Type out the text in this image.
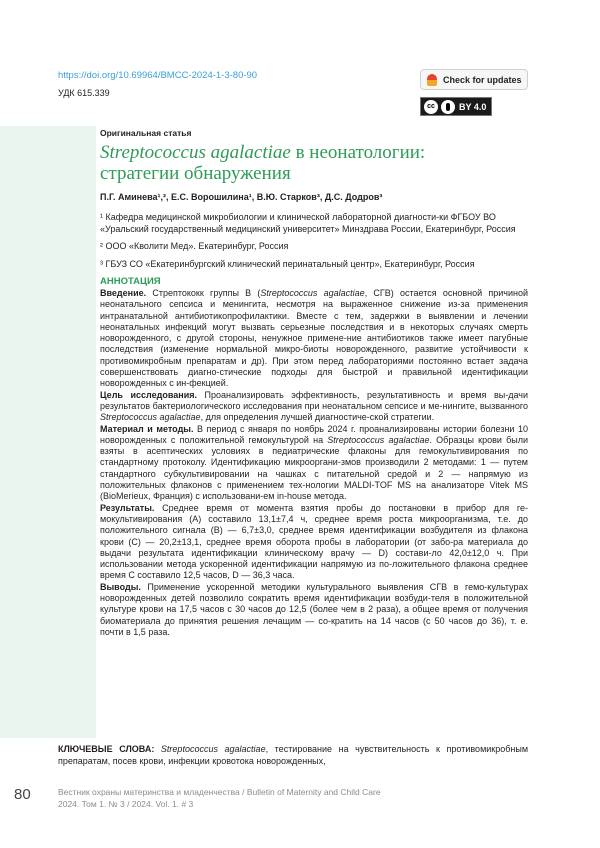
https://doi.org/10.69964/BMCC-2024-1-3-80-90
УДК 615.339
Check for updates
cc	BY 4.0
Оригинальная статья
Streptococcus agalactiae в неонатологии:
стратегии обнаружения
П.Г. Аминева¹,², Е.С. Ворошилина¹, В.Ю. Старков³, Д.С. Додров³
¹ Кафедра медицинской микробиологии и клинической лабораторной диагности-ки ФГБОУ ВО «Уральский государственный медицинский университет» Минздрава России, Екатеринбург, Россия
² ООО «Кволити Мед». Екатеринбург, Россия
³ ГБУЗ СО «Екатеринбургский клинический перинатальный центр», Екатеринбург, Россия
АННОТАЦИЯ

Введение. Стрептококк группы В (Streptococcus agalactiae, СГВ) остается основной причиной неонатального сепсиса и менингита, несмотря на выраженное снижение из-за применения интранатальной антибиотикопрофилактики. Вместе с тем, задержки в выявлении и лечении неонатальных инфекций могут вызвать серьезные последствия и в некоторых случаях смерть новорожденного, с другой стороны, ненужное примене-ние антибиотиков также имеет пагубные последствия (изменение нормальной микро-биоты новорожденного, развитие устойчивости к противомикробным препаратам и др). При этом перед лабораториями постоянно встает задача совершенствовать диагно-стические подходы для быстрой и правильной идентификации новорожденных с ин-фекцией.

Цель исследования. Проанализировать эффективность, результативность и время вы-дачи результатов бактериологического исследования при неонатальном сепсисе и ме-нингите, вызванного Streptococcus agalactiae, для определения лучшей диагностиче-ской стратегии.

Материал и методы. В период с января по ноябрь 2024 г. проанализированы истории болезни 10 новорожденных с положительной гемокультурой на Streptococcus agalactiae. Образцы крови были взяты в асептических условиях в педиатрические флаконы для гемокультивирования по стандартному протоколу. Идентификацию микрооргани-змов производили 2 методами: 1 — путем стандартного субкультивировании на чашках с питательной средой и 2 — напрямую из положительных флаконов с применением тех-нологии MALDI-TOF MS на анализаторе Vitek MS (BioMerieux, Франция) с использовани-ем in-house метода.

Результаты. Среднее время от момента взятия пробы до постановки в прибор для ге-мокультивирования (А) составило 13,1±7,4 ч, среднее время роста микроорганизма, т.е. до положительного сигнала (В) — 6,7±3,0, среднее время идентификации возбудителя из флакона крови (С) — 20,2±13,1, среднее время оборота пробы в лаборатории (от забо-ра материала до выдачи результата идентификации клиническому врачу — D) состави-ло 42,0±12,0 ч. При использовании метода ускоренной идентификации напрямую из по-ложительного флакона среднее время С составило 12,5 часов, D — 36,3 часа.

Выводы. Применение ускоренной методики культурального выявления СГВ в гемо-культурах новорожденных детей позволило сократить время идентификации возбуди-теля в положительной культуре крови на 17,5 часов с 30 часов до 12,5 (более чем в 2 раза), а общее время от получения биоматериала до принятия решения лечащим — со-кратить на 14 часов (с 50 часов до 36), т. е. почти в 1,5 раза.

КЛЮЧЕВЫЕ СЛОВА: Streptococcus agalactiae, тестирование на чувствительность к противомикробным препаратам, посев крови, инфекции кровотока новорожденных,
80	Вестник охраны материнства и младенчества / Bulletin of Maternity and Child Care
2024. Том 1. № 3 / 2024. Vol. 1. # 3
